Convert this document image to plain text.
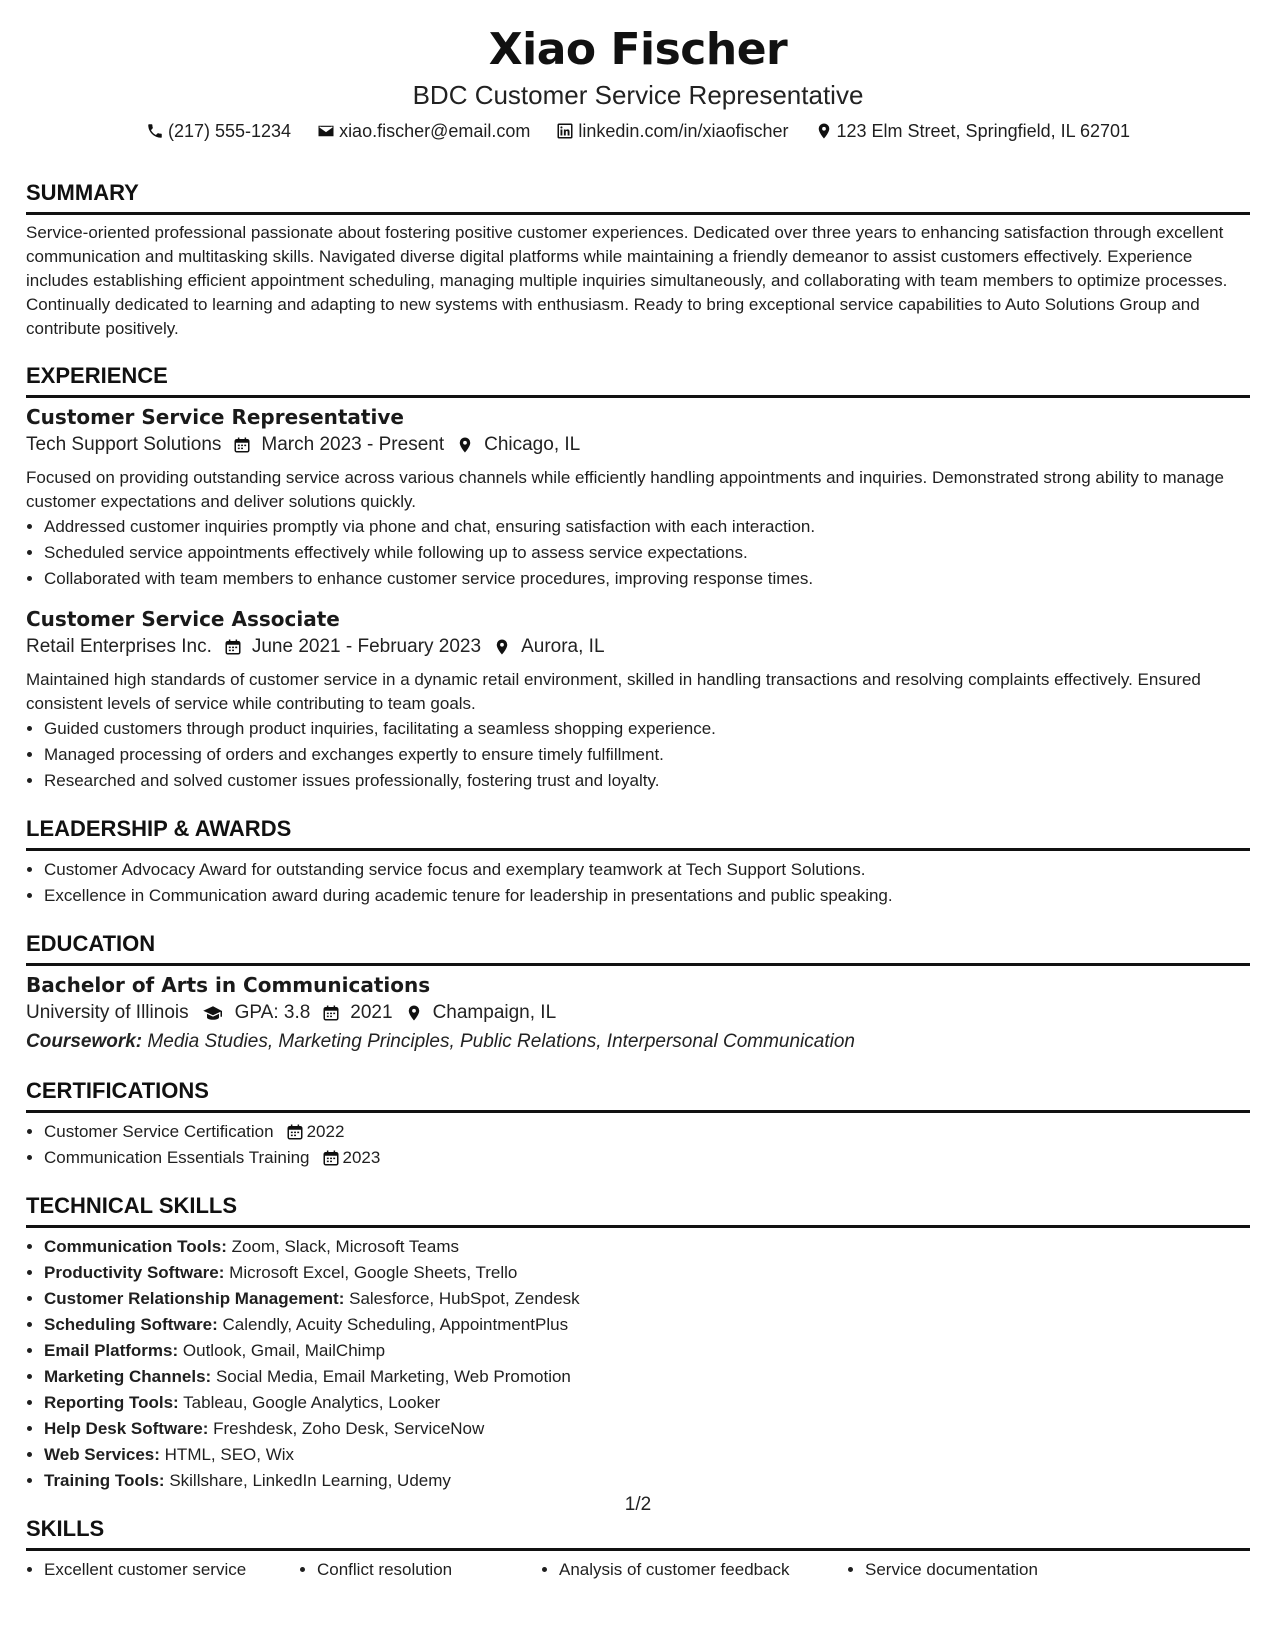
Xiao Fischer
BDC Customer Service Representative
(217) 555-1234	xiao.fischer@email.com	linkedin.com/in/xiaofischer	123 Elm Street, Springfield, IL 62701
SUMMARY

Service-oriented professional passionate about fostering positive customer experiences. Dedicated over three years to enhancing satisfaction through excellent communication and multitasking skills. Navigated diverse digital platforms while maintaining a friendly demeanor to assist customers effectively. Experience includes establishing efficient appointment scheduling, managing multiple inquiries simultaneously, and collaborating with team members to optimize processes. Continually dedicated to learning and adapting to new systems with enthusiasm. Ready to bring exceptional service capabilities to Auto Solutions Group and contribute positively.

EXPERIENCE
Customer Service Representative
Tech Support Solutions March 2023 - Present Chicago, IL

Focused on providing outstanding service across various channels while efficiently handling appointments and inquiries. Demonstrated strong ability to manage customer expectations and deliver solutions quickly.

• Addressed customer inquiries promptly via phone and chat, ensuring satisfaction with each interaction.
• Scheduled service appointments effectively while following up to assess service expectations.
• Collaborated with team members to enhance customer service procedures, improving response times.
Customer Service Associate
Retail Enterprises Inc. June 2021 - February 2023 Aurora, IL

Maintained high standards of customer service in a dynamic retail environment, skilled in handling transactions and resolving complaints effectively. Ensured consistent levels of service while contributing to team goals.

• Guided customers through product inquiries, facilitating a seamless shopping experience.
• Managed processing of orders and exchanges expertly to ensure timely fulfillment.
• Researched and solved customer issues professionally, fostering trust and loyalty.
LEADERSHIP & AWARDS
• Customer Advocacy Award for outstanding service focus and exemplary teamwork at Tech Support Solutions.
• Excellence in Communication award during academic tenure for leadership in presentations and public speaking.
EDUCATION
Bachelor of Arts in Communications
University of Illinois GPA: 3.8 2021 Champaign, IL
Coursework: Media Studies, Marketing Principles, Public Relations, Interpersonal Communication
CERTIFICATIONS
• Customer Service Certification 2022
• Communication Essentials Training 2023
TECHNICAL SKILLS
• Communication Tools: Zoom, Slack, Microsoft Teams
• Productivity Software: Microsoft Excel, Google Sheets, Trello
• Customer Relationship Management: Salesforce, HubSpot, Zendesk
• Scheduling Software: Calendly, Acuity Scheduling, AppointmentPlus
• Email Platforms: Outlook, Gmail, MailChimp
• Marketing Channels: Social Media, Email Marketing, Web Promotion
• Reporting Tools: Tableau, Google Analytics, Looker
• Help Desk Software: Freshdesk, Zoho Desk, ServiceNow
• Web Services: HTML, SEO, Wix
• Training Tools: Skillshare, LinkedIn Learning, Udemy
SKILLS
• Excellent customer service	• Conflict resolution	• Analysis of customer feedback	• Service documentation
1/2
